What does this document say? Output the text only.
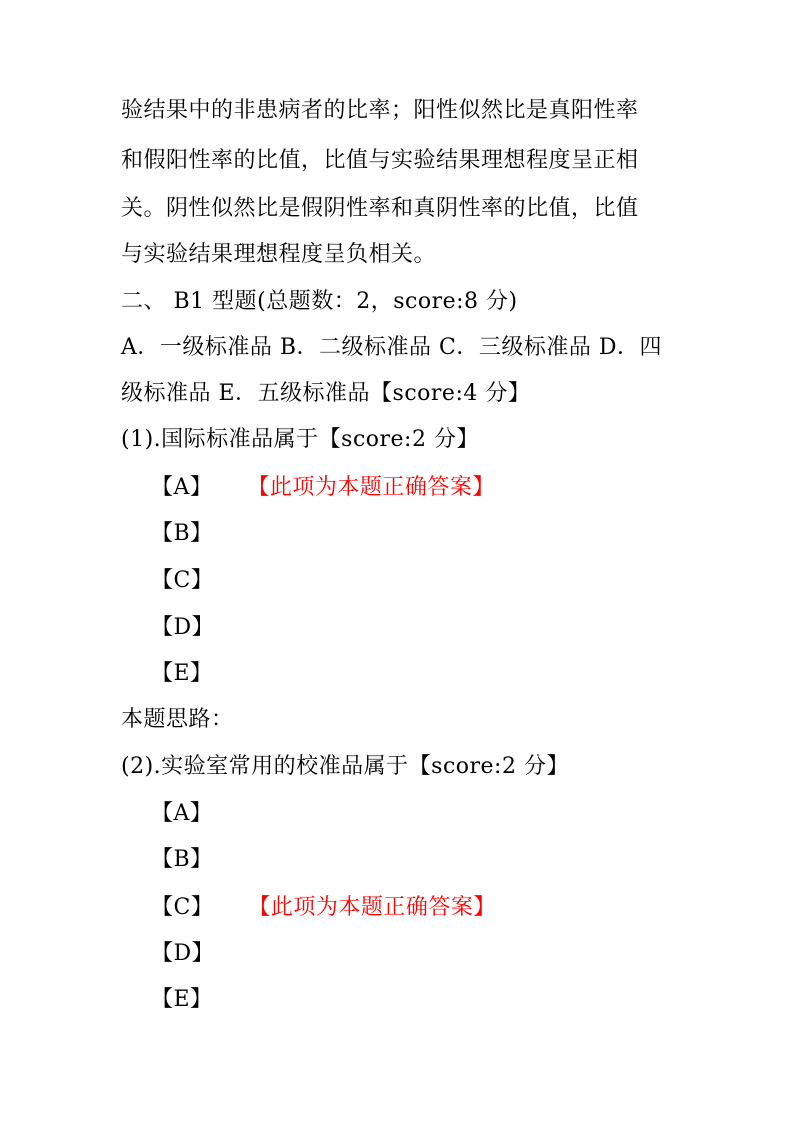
验结果中的非患病者的比率；阳性似然比是真阳性率
和假阳性率的比值，比值与实验结果理想程度呈正相
关。阴性似然比是假阴性率和真阴性率的比值，比值
与实验结果理想程度呈负相关。
二、 B1 型题(总题数：2，score:8 分)
A．一级标准品 B．二级标准品 C．三级标准品 D．四
级标准品 E．五级标准品【score:4 分】
(1).国际标准品属于【score:2 分】
【A】 【此项为本题正确答案】
【B】
【C】
【D】
【E】
本题思路：
(2).实验室常用的校准品属于【score:2 分】
【A】
【B】
【C】 【此项为本题正确答案】
【D】
【E】
